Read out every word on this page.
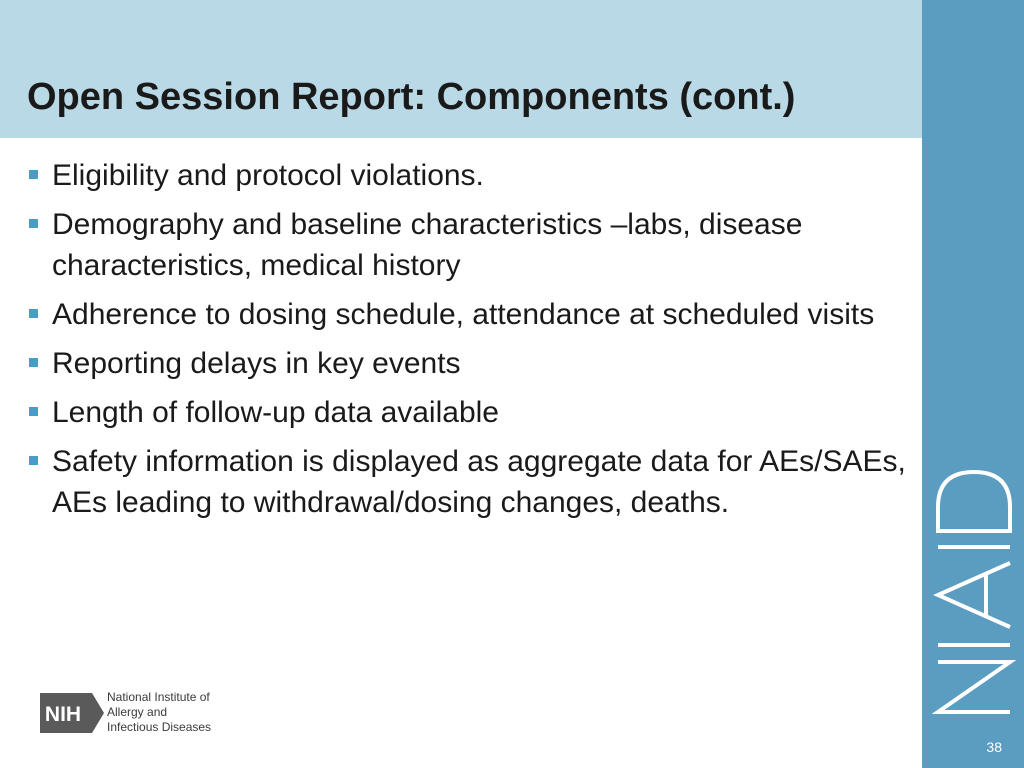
Open Session Report: Components (cont.)
38
Eligibility and protocol violations.
Demography and baseline characteristics –labs, disease characteristics, medical history
Adherence to dosing schedule, attendance at scheduled visits
Reporting delays in key events
Length of follow-up data available
Safety information is displayed as aggregate data for AEs/SAEs, AEs leading to withdrawal/dosing changes, deaths.
NIH
National Institute of
Allergy and
Infectious Diseases
